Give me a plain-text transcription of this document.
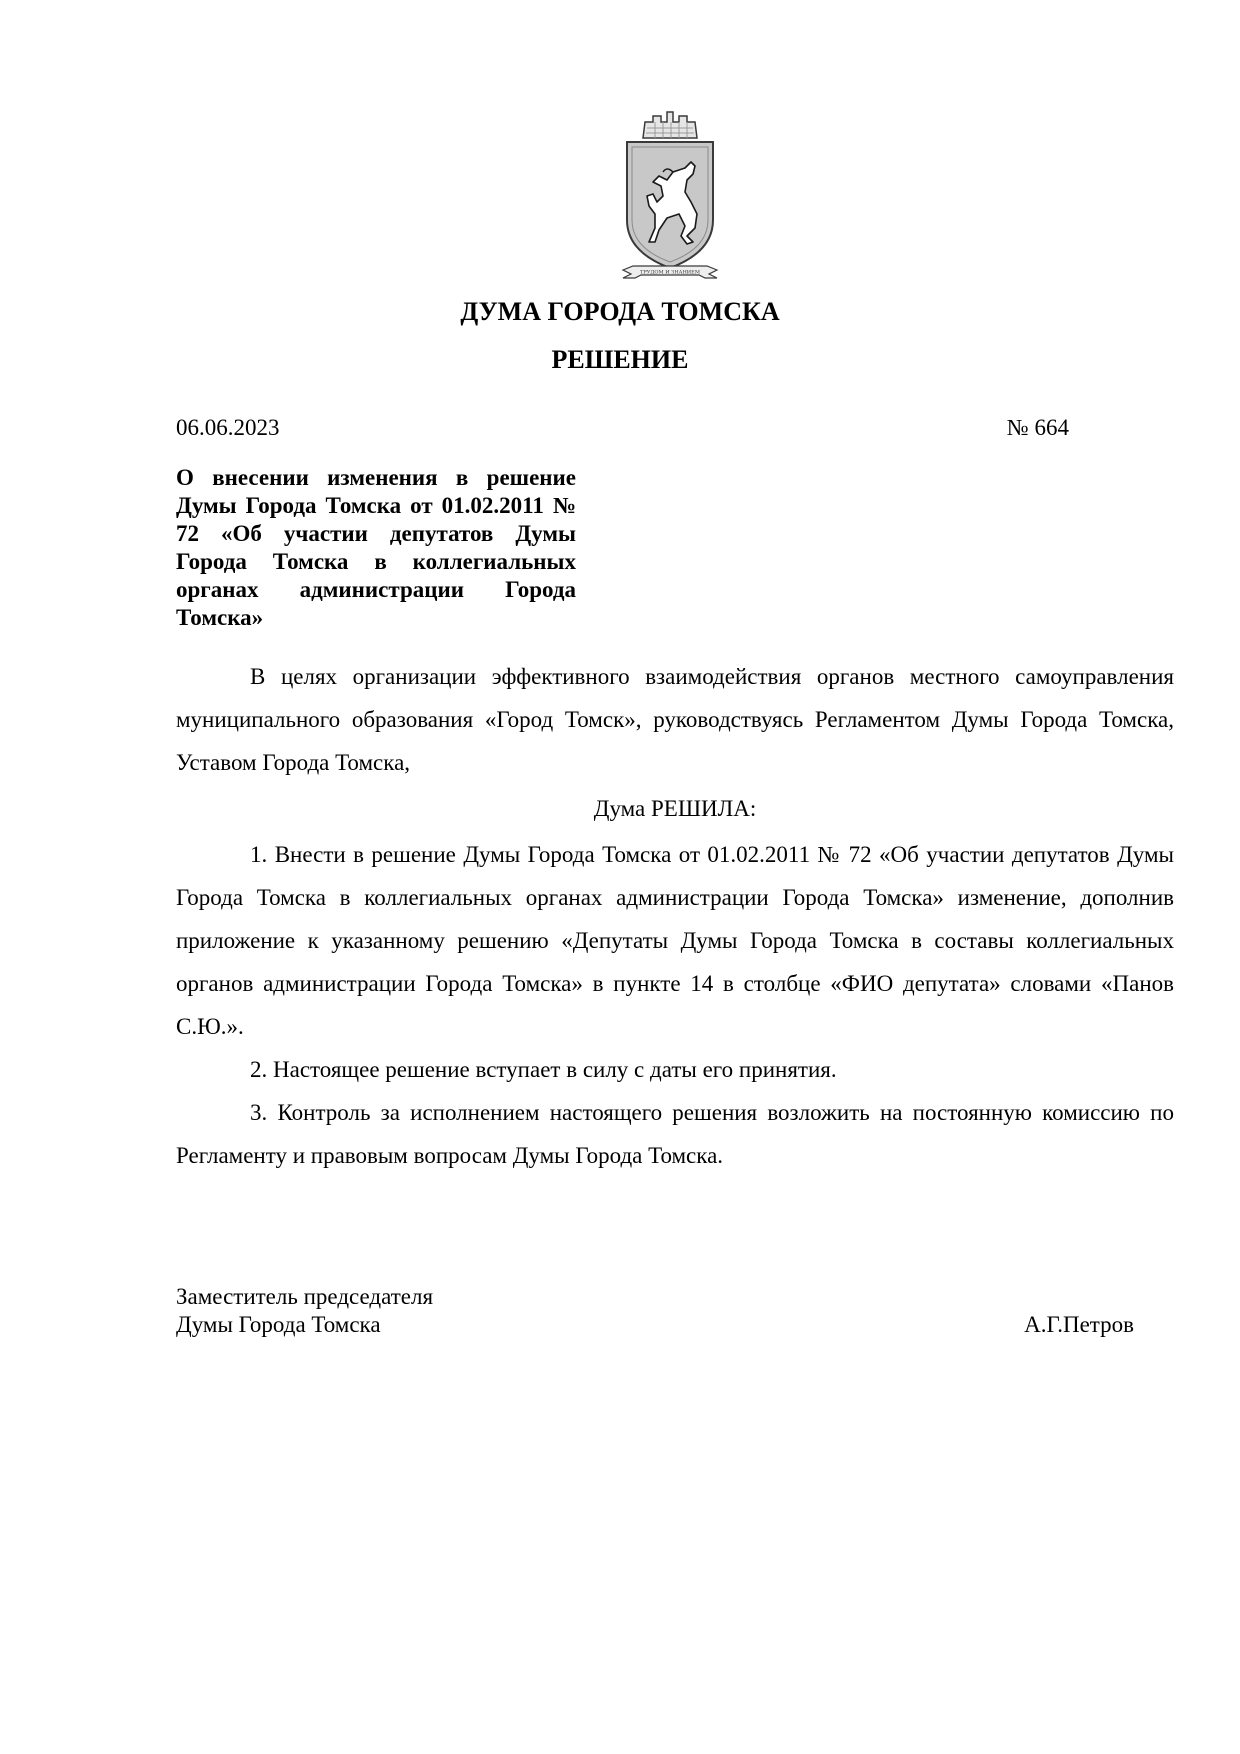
ТРУДОМ И ЗНАНИЕМ
ДУМА ГОРОДА ТОМСКА
РЕШЕНИЕ
06.06.2023	№ 664

О внесении изменения в решение Думы Города Томска от 01.02.2011 № 72 «Об участии депутатов Думы Города Томска в коллегиальных органах администрации Города Томска»

В целях организации эффективного взаимодействия органов местного самоуправления муниципального образования «Город Томск», руководствуясь Регламентом Думы Города Томска, Уставом Города Томска,

Дума РЕШИЛА:

1. Внести в решение Думы Города Томска от 01.02.2011 № 72 «Об участии депутатов Думы Города Томска в коллегиальных органах администрации Города Томска» изменение, дополнив приложение к указанному решению «Депутаты Думы Города Томска в составы коллегиальных органов администрации Города Томска» в пункте 14 в столбце «ФИО депутата» словами «Панов С.Ю.».

2. Настоящее решение вступает в силу с даты его принятия.

3. Контроль за исполнением настоящего решения возложить на постоянную комиссию по Регламенту и правовым вопросам Думы Города Томска.

Заместитель председателя
Думы Города Томска	А.Г.Петров
